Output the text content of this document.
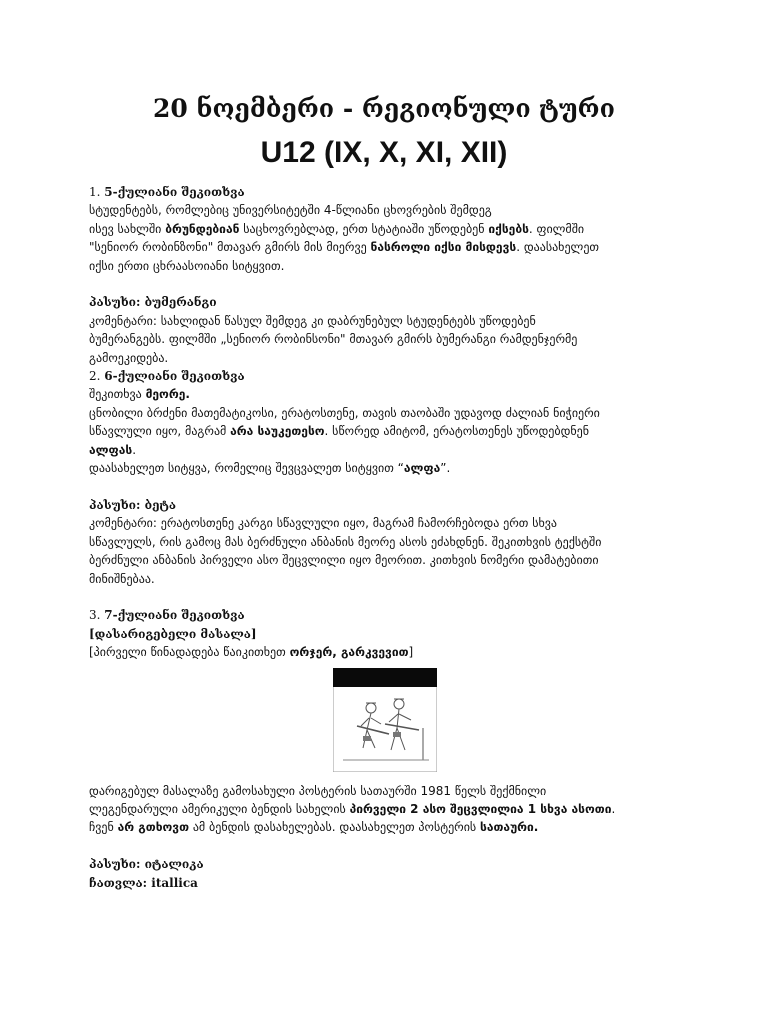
20 ნოემბერი - რეგიონული ტური
U12 (IX, X, XI, XII)
1. 5-ქულიანი შეკითხვა
სტუდენტებს, რომლებიც უნივერსიტეტში 4-წლიანი ცხოვრების შემდეგ
ისევ სახლში ბრუნდებიან საცხოვრებლად, ერთ სტატიაში უწოდებენ იქსებს. ფილმში
"სენიორ რობინზონი" მთავარ გმირს მის მიერვე ნასროლი იქსი მისდევს. დაასახელეთ
იქსი ერთი ცხრაასოიანი სიტყვით.
პასუხი: ბუმერანგი
კომენტარი: სახლიდან წასულ შემდეგ კი დაბრუნებულ სტუდენტებს უწოდებენ
ბუმერანგებს. ფილმში „სენიორ რობინსონი" მთავარ გმირს ბუმერანგი რამდენჯერმე
გამოეკიდება.
2. 6-ქულიანი შეკითხვა
შეკითხვა მეორე.
ცნობილი ბრძენი მათემატიკოსი, ერატოსთენე, თავის თაობაში უდავოდ ძალიან ნიჭიერი
სწავლული იყო, მაგრამ არა საუკეთესო. სწორედ ამიტომ, ერატოსთენეს უწოდებდნენ
ალფას.
დაასახელეთ სიტყვა, რომელიც შევცვალეთ სიტყვით “ალფა”.
პასუხი: ბეტა
კომენტარი: ერატოსთენე კარგი სწავლული იყო, მაგრამ ჩამორჩებოდა ერთ სხვა
სწავლულს, რის გამოც მას ბერძნული ანბანის მეორე ასოს ეძახდნენ. შეკითხვის ტექსტში
ბერძნული ანბანის პირველი ასო შეცვლილი იყო მეორით. კითხვის ნომერი დამატებითი
მინიშნებაა.
3. 7-ქულიანი შეკითხვა
[დასარიგებელი მასალა]
[პირველი წინადადება წაიკითხეთ ორჯერ, გარკვევით]
დარიგებულ მასალაზე გამოსახული პოსტერის სათაურში 1981 წელს შექმნილი
ლეგენდარული ამერიკული ბენდის სახელის პირველი 2 ასო შეცვლილია 1 სხვა ასოთი.
ჩვენ არ გთხოვთ ამ ბენდის დასახელებას. დაასახელეთ პოსტერის სათაური.
პასუხი: იტალიკა
ჩათვლა: itallica
